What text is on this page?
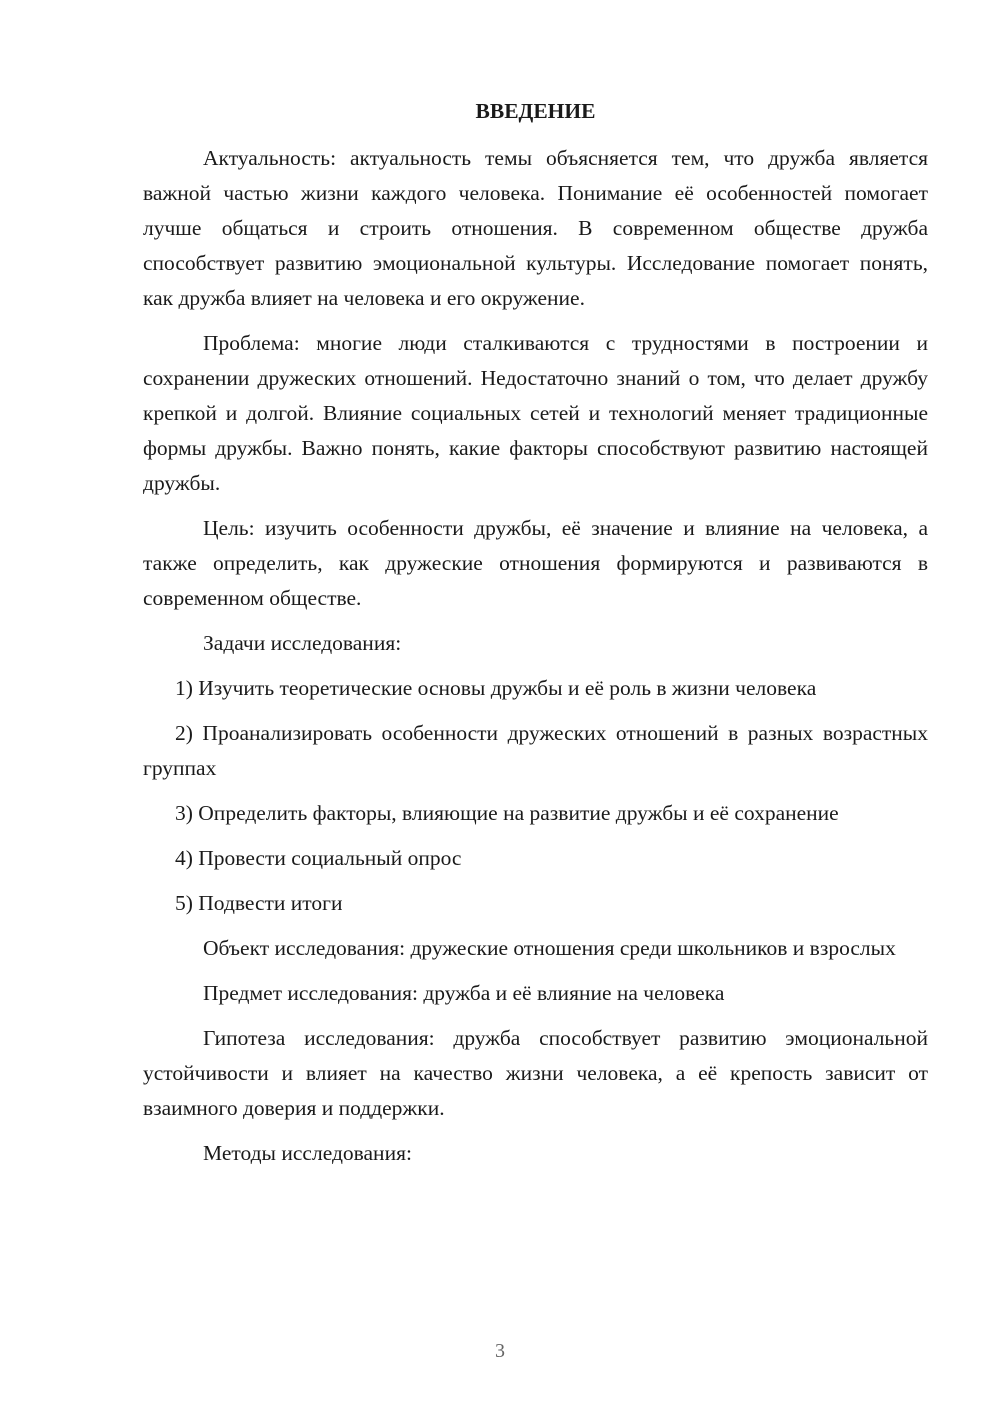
ВВЕДЕНИЕ

Актуальность: актуальность темы объясняется тем, что дружба является важной частью жизни каждого человека. Понимание её особенностей помогает лучше общаться и строить отношения. В современном обществе дружба способствует развитию эмоциональной культуры. Исследование помогает понять, как дружба влияет на человека и его окружение.

Проблема: многие люди сталкиваются с трудностями в построении и сохранении дружеских отношений. Недостаточно знаний о том, что делает дружбу крепкой и долгой. Влияние социальных сетей и технологий меняет традиционные формы дружбы. Важно понять, какие факторы способствуют развитию настоящей дружбы.

Цель: изучить особенности дружбы, её значение и влияние на человека, а также определить, как дружеские отношения формируются и развиваются в современном обществе.

Задачи исследования:

1) Изучить теоретические основы дружбы и её роль в жизни человека

2) Проанализировать особенности дружеских отношений в разных возрастных группах

3) Определить факторы, влияющие на развитие дружбы и её сохранение

4) Провести социальный опрос

5) Подвести итоги

Объект исследования: дружеские отношения среди школьников и взрослых

Предмет исследования: дружба и её влияние на человека

Гипотеза исследования: дружба способствует развитию эмоциональной устойчивости и влияет на качество жизни человека, а её крепость зависит от взаимного доверия и поддержки.

Методы исследования:

3
